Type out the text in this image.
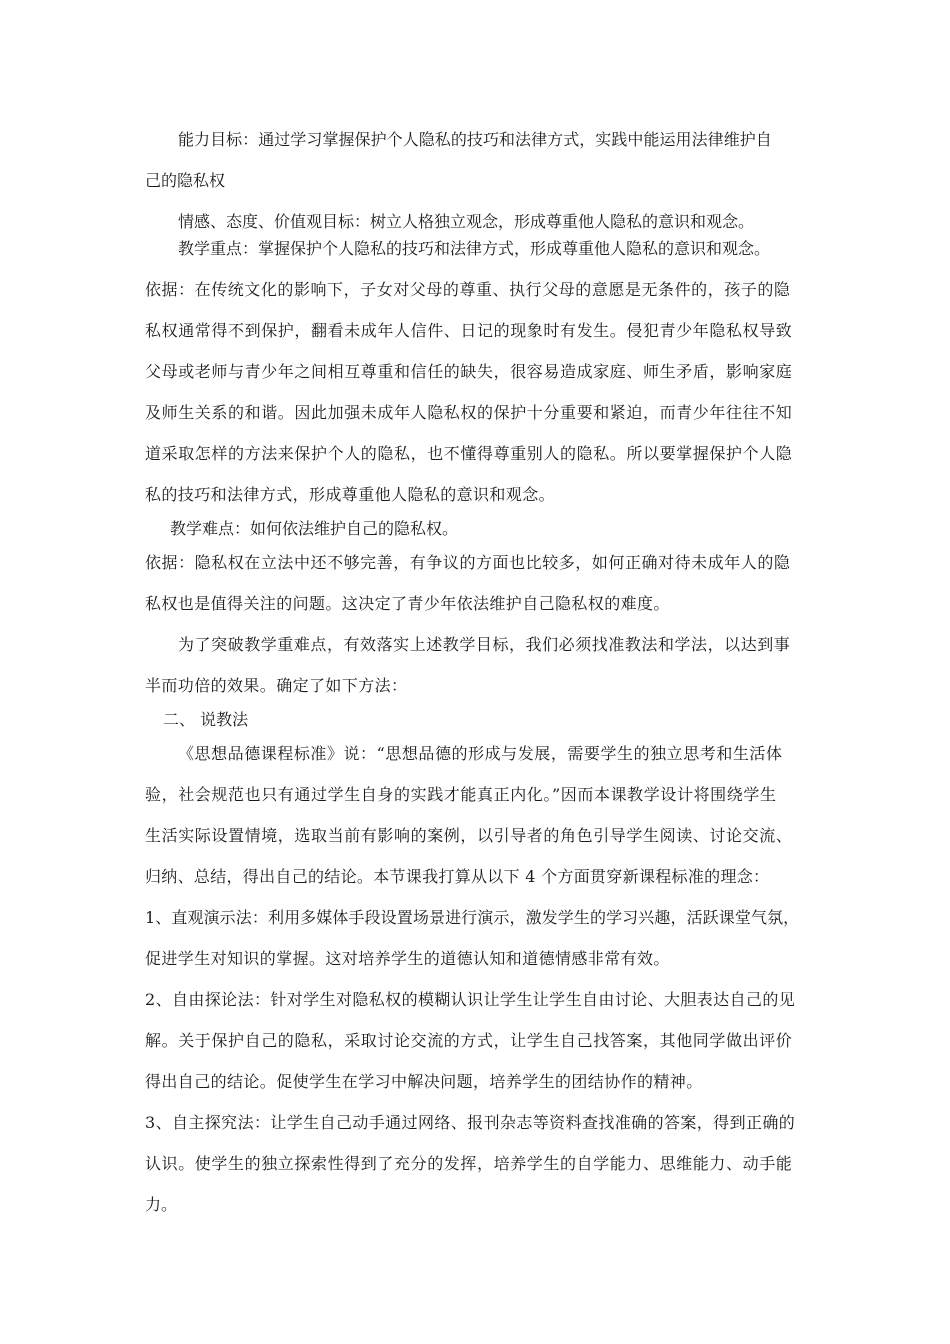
能力目标：通过学习掌握保护个人隐私的技巧和法律方式，实践中能运用法律维护自
己的隐私权
情感、态度、价值观目标：树立人格独立观念，形成尊重他人隐私的意识和观念。
教学重点：掌握保护个人隐私的技巧和法律方式，形成尊重他人隐私的意识和观念。
依据：在传统文化的影响下，子女对父母的尊重、执行父母的意愿是无条件的，孩子的隐
私权通常得不到保护，翻看未成年人信件、日记的现象时有发生。侵犯青少年隐私权导致
父母或老师与青少年之间相互尊重和信任的缺失，很容易造成家庭、师生矛盾，影响家庭
及师生关系的和谐。因此加强未成年人隐私权的保护十分重要和紧迫，而青少年往往不知
道采取怎样的方法来保护个人的隐私，也不懂得尊重别人的隐私。所以要掌握保护个人隐
私的技巧和法律方式，形成尊重他人隐私的意识和观念。
教学难点：如何依法维护自己的隐私权。
依据：隐私权在立法中还不够完善，有争议的方面也比较多，如何正确对待未成年人的隐
私权也是值得关注的问题。这决定了青少年依法维护自己隐私权的难度。
为了突破教学重难点，有效落实上述教学目标，我们必须找准教法和学法，以达到事
半而功倍的效果。确定了如下方法：
二、 说教法
《思想品德课程标准》说：“思想品德的形成与发展，需要学生的独立思考和生活体
验，社会规范也只有通过学生自身的实践才能真正内化。”因而本课教学设计将围绕学生
生活实际设置情境，选取当前有影响的案例，以引导者的角色引导学生阅读、讨论交流、
归纳、总结，得出自己的结论。本节课我打算从以下 4 个方面贯穿新课程标准的理念：
1、直观演示法：利用多媒体手段设置场景进行演示，激发学生的学习兴趣，活跃课堂气氛，
促进学生对知识的掌握。这对培养学生的道德认知和道德情感非常有效。
2、自由探论法：针对学生对隐私权的模糊认识让学生让学生自由讨论、大胆表达自己的见
解。关于保护自己的隐私，采取讨论交流的方式，让学生自己找答案，其他同学做出评价
得出自己的结论。促使学生在学习中解决问题，培养学生的团结协作的精神。
3、自主探究法：让学生自己动手通过网络、报刊杂志等资料查找准确的答案，得到正确的
认识。使学生的独立探索性得到了充分的发挥，培养学生的自学能力、思维能力、动手能
力。
